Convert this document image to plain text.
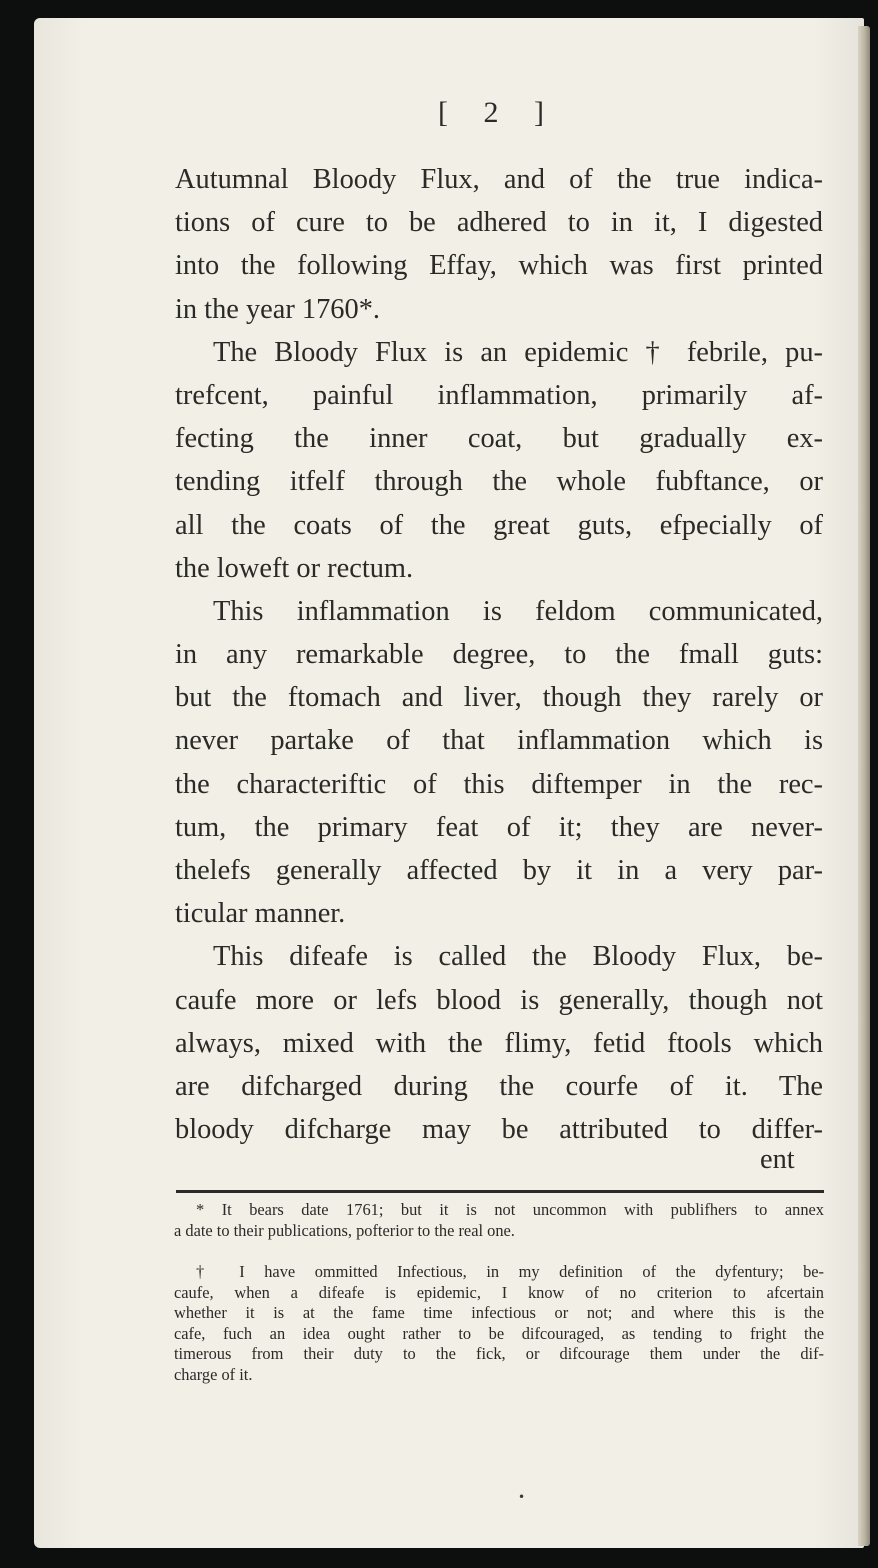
[ 2 ]
Autumnal Bloody Flux, and of the true indica-
tions of cure to be adhered to in it, I digested
into the following Effay, which was first printed
in the year 1760*.
The Bloody Flux is an epidemic † febrile, pu-
trefcent, painful inflammation, primarily af-
fecting the inner coat, but gradually ex-
tending itfelf through the whole fubftance, or
all the coats of the great guts, efpecially of
the loweft or rectum.
This inflammation is feldom communicated,
in any remarkable degree, to the fmall guts:
but the ftomach and liver, though they rarely or
never partake of that inflammation which is
the characteriftic of this diftemper in the rec-
tum, the primary feat of it; they are never-
thelefs generally affected by it in a very par-
ticular manner.
This difeafe is called the Bloody Flux, be-
caufe more or lefs blood is generally, though not
always, mixed with the flimy, fetid ftools which
are difcharged during the courfe of it. The
bloody difcharge may be attributed to differ-
ent
* It bears date 1761; but it is not uncommon with publifhers to annex
a date to their publications, pofterior to the real one.
† I have ommitted Infectious, in my definition of the dyfentury; be-
caufe, when a difeafe is epidemic, I know of no criterion to afcertain
whether it is at the fame time infectious or not; and where this is the
cafe, fuch an idea ought rather to be difcouraged, as tending to fright the
timerous from their duty to the fick, or difcourage them under the dif-
charge of it.
•
